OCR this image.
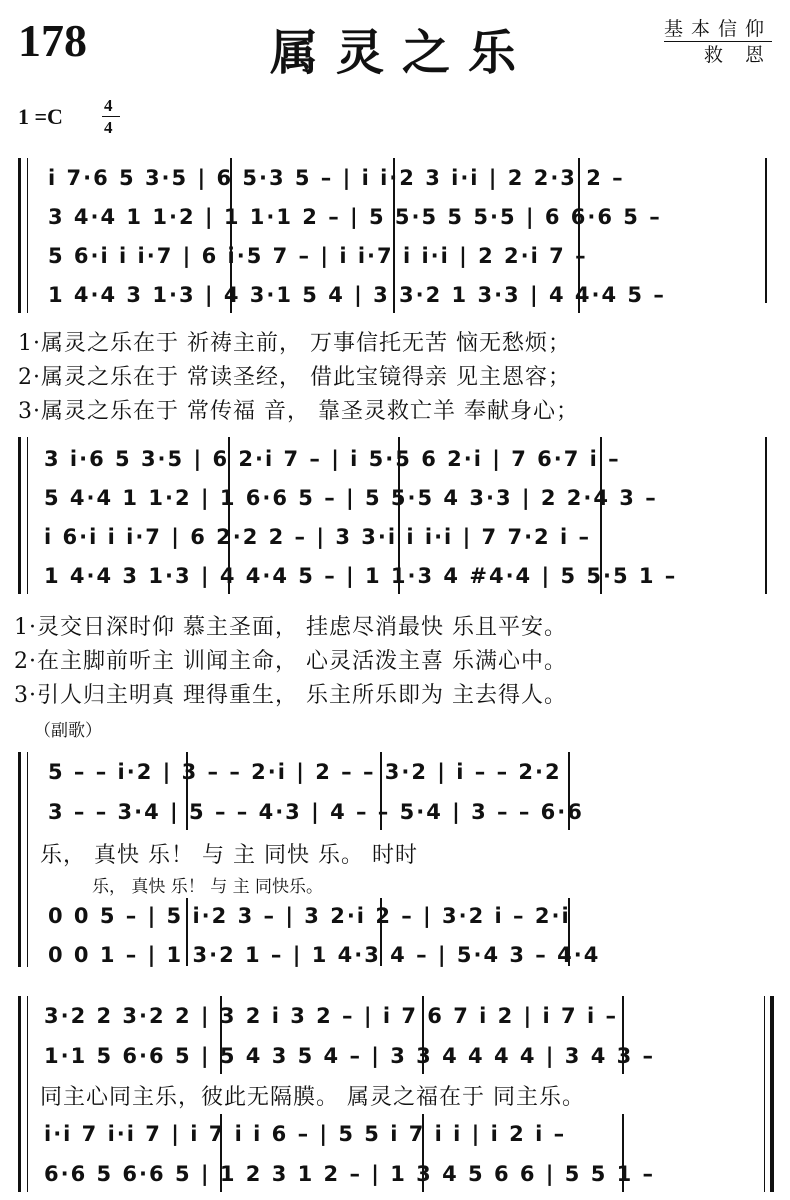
178	属灵之乐	基本信仰
救 恩
1 =C 4
4
i 7·6 5 3·5 | 6 5·3 5 – | i i·2 3 i·i | 2 2·3 2 –
3 4·4 1 1·2 | 1 1·1 2 – | 5 5·5 5 5·5 | 6 6·6 5 –
5 6·i i i·7 | 6 i·5 7 – | i i·7 i i·i | 2 2·i 7 –
1 4·4 3 1·3 | 4 3·1 5 4 | 3 3·2 1 3·3 | 4 4·4 5 –
1·属灵之乐在于 祈祷主前， 万事信托无苦 恼无愁烦；
2·属灵之乐在于 常读圣经， 借此宝镜得亲 见主恩容；
3·属灵之乐在于 常传福 音， 靠圣灵救亡羊 奉献身心；
3 i·6 5 3·5 | 6 2·i 7 – | i 5·5 6 2·i | 7 6·7 i –
5 4·4 1 1·2 | 1 6·6 5 – | 5 5·5 4 3·3 | 2 2·4 3 –
i 6·i i i·7 | 6 2·2 2 – | 3 3·i i i·i | 7 7·2 i –
1 4·4 3 1·3 | 4 4·4 5 – | 1 1·3 4 #4·4 | 5 5·5 1 –
1·灵交日深时仰 慕主圣面， 挂虑尽消最快 乐且平安。
2·在主脚前听主 训闻主命， 心灵活泼主喜 乐满心中。
3·引人归主明真 理得重生， 乐主所乐即为 主去得人。
（副歌）
5 – – i·2 | 3 – – 2·i | 2 – – 3·2 | i – – 2·2
3 – – 3·4 | 5 – – 4·3 | 4 – – 5·4 | 3 – – 6·6
乐， 真快 乐！ 与 主 同快 乐。 时时
乐， 真快 乐！ 与 主 同快乐。
0 0 5 – | 5 i·2 3 – | 3 2·i 2 – | 3·2 i – 2·i
0 0 1 – | 1 3·2 1 – | 1 4·3 4 – | 5·4 3 – 4·4
3·2 2 3·2 2 | 3 2 i 3 2 – | i 7 6 7 i 2 | i 7 i –
1·1 5 6·6 5 | 5 4 3 5 4 – | 3 3 4 4 4 4 | 3 4 3 –
同主心同主乐，彼此无隔膜。 属灵之福在于 同主乐。
i·i 7 i·i 7 | i 7 i i 6 – | 5 5 i 7 i i | i 2 i –
6·6 5 6·6 5 | 1 2 3 1 2 – | 1 3 4 5 6 6 | 5 5 1 –
